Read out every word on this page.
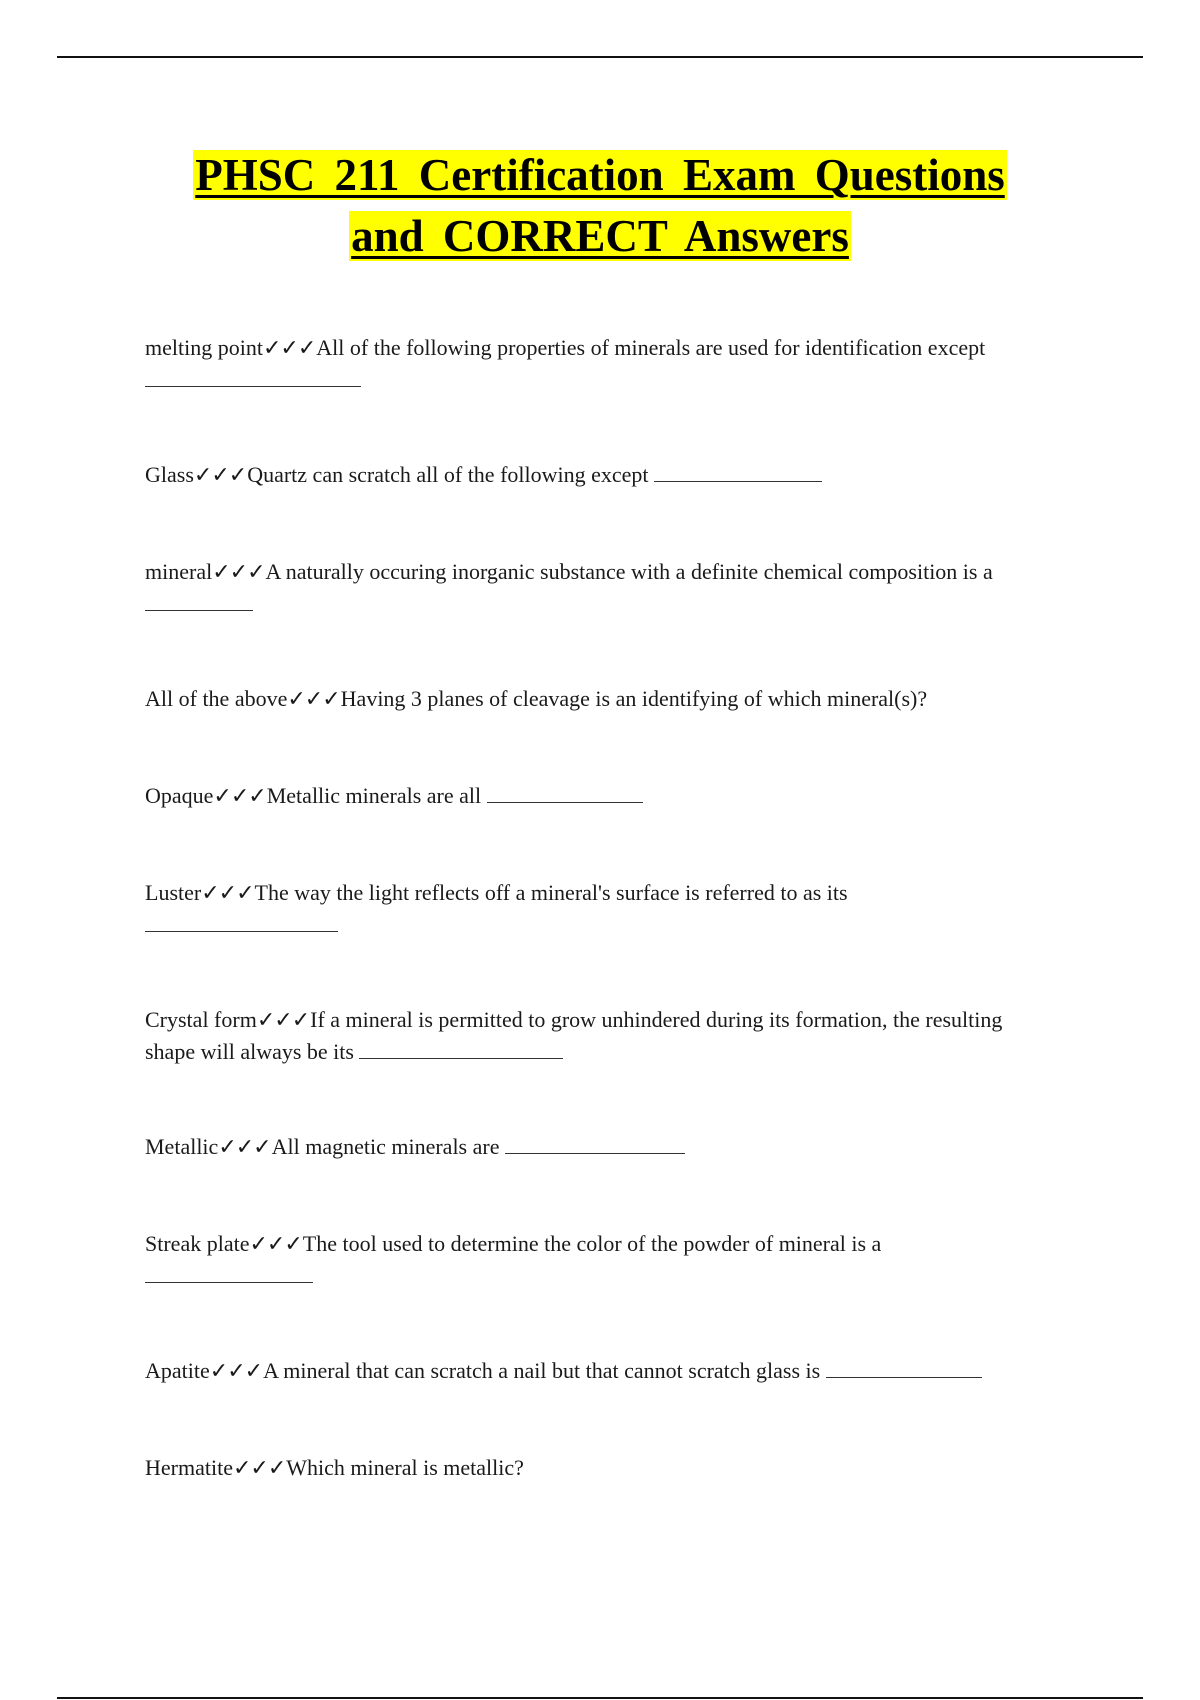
PHSC 211 Certification Exam Questions
and CORRECT Answers
melting point✓✓✓All of the following properties of minerals are used for identification except
Glass✓✓✓Quartz can scratch all of the following except
mineral✓✓✓A naturally occuring inorganic substance with a definite chemical composition is a
All of the above✓✓✓Having 3 planes of cleavage is an identifying of which mineral(s)?
Opaque✓✓✓Metallic minerals are all
Luster✓✓✓The way the light reflects off a mineral's surface is referred to as its

Crystal form✓✓✓If a mineral is permitted to grow unhindered during its formation, the resulting shape will always be its
Metallic✓✓✓All magnetic minerals are
Streak plate✓✓✓The tool used to determine the color of the powder of mineral is a

Apatite✓✓✓A mineral that can scratch a nail but that cannot scratch glass is
Hermatite✓✓✓Which mineral is metallic?
